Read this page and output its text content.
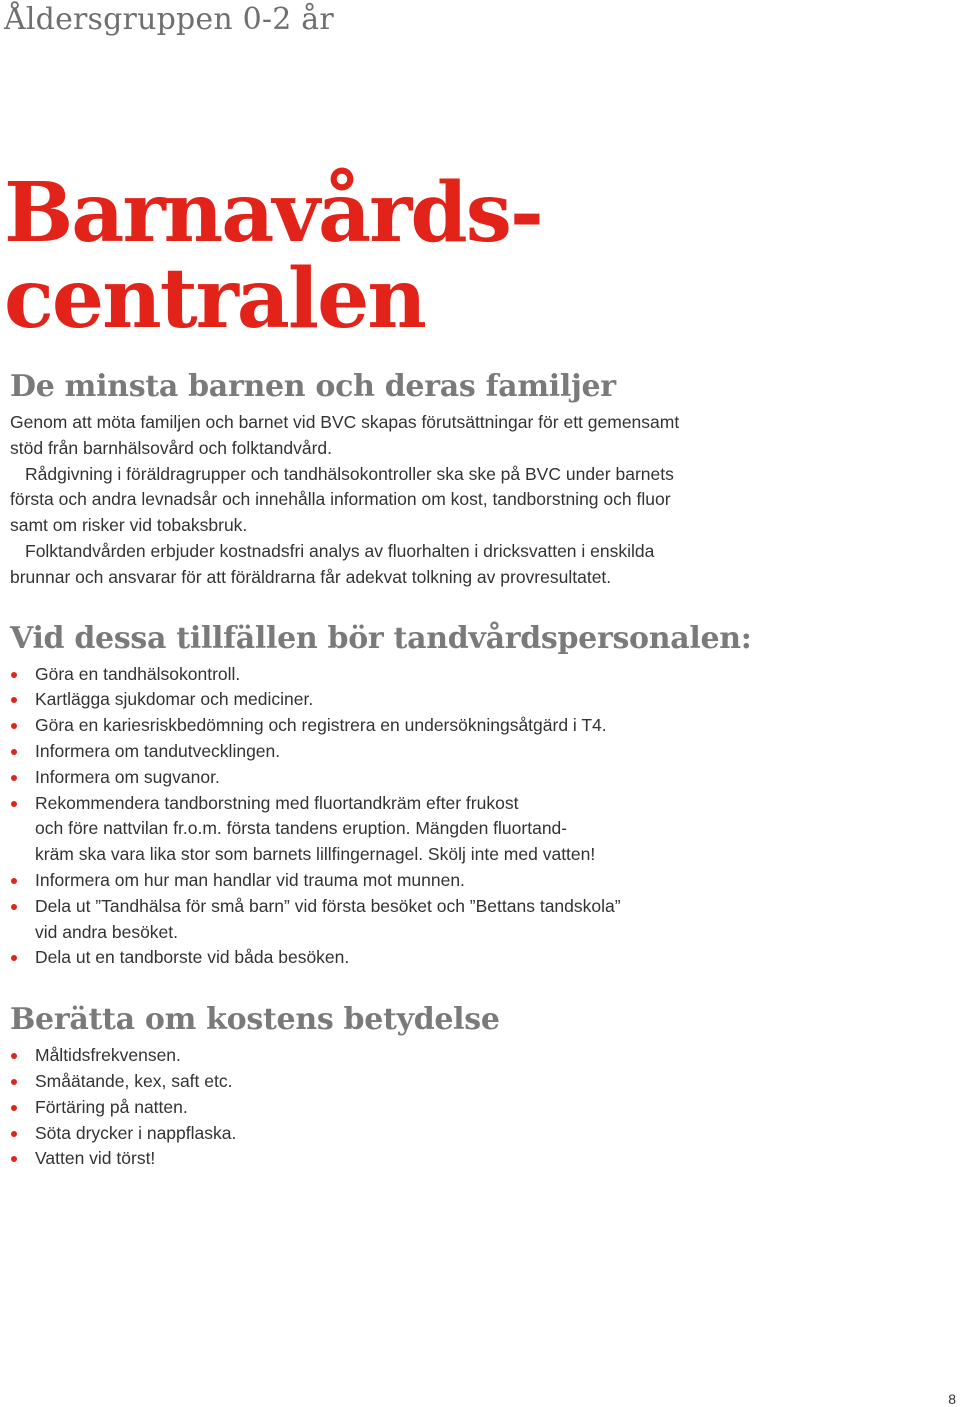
Åldersgruppen 0-2 år
Barnavårds-
centralen
De minsta barnen och deras familjer

Genom att möta familjen och barnet vid BVC skapas förutsättningar för ett gemensamt
stöd från barnhälsovård och folktandvård.

Rådgivning i föräldragrupper och tandhälsokontroller ska ske på BVC under barnets
första och andra levnadsår och innehålla information om kost, tandborstning och fluor
samt om risker vid tobaksbruk.

Folktandvården erbjuder kostnadsfri analys av fluorhalten i dricksvatten i enskilda
brunnar och ansvarar för att föräldrarna får adekvat tolkning av provresultatet.

Vid dessa tillfällen bör tandvårdspersonalen:
Göra en tandhälsokontroll.
Kartlägga sjukdomar och mediciner.
Göra en kariesriskbedömning och registrera en undersökningsåtgärd i T4.
Informera om tandutvecklingen.
Informera om sugvanor.
Rekommendera tandborstning med fluortandkräm efter frukost
och före nattvilan fr.o.m. första tandens eruption. Mängden fluortand-
kräm ska vara lika stor som barnets lillfingernagel. Skölj inte med vatten!
Informera om hur man handlar vid trauma mot munnen.
Dela ut ”Tandhälsa för små barn” vid första besöket och ”Bettans tandskola”
vid andra besöket.
Dela ut en tandborste vid båda besöken.
Berätta om kostens betydelse
Måltidsfrekvensen.
Småätande, kex, saft etc.
Förtäring på natten.
Söta drycker i nappflaska.
Vatten vid törst!
8
